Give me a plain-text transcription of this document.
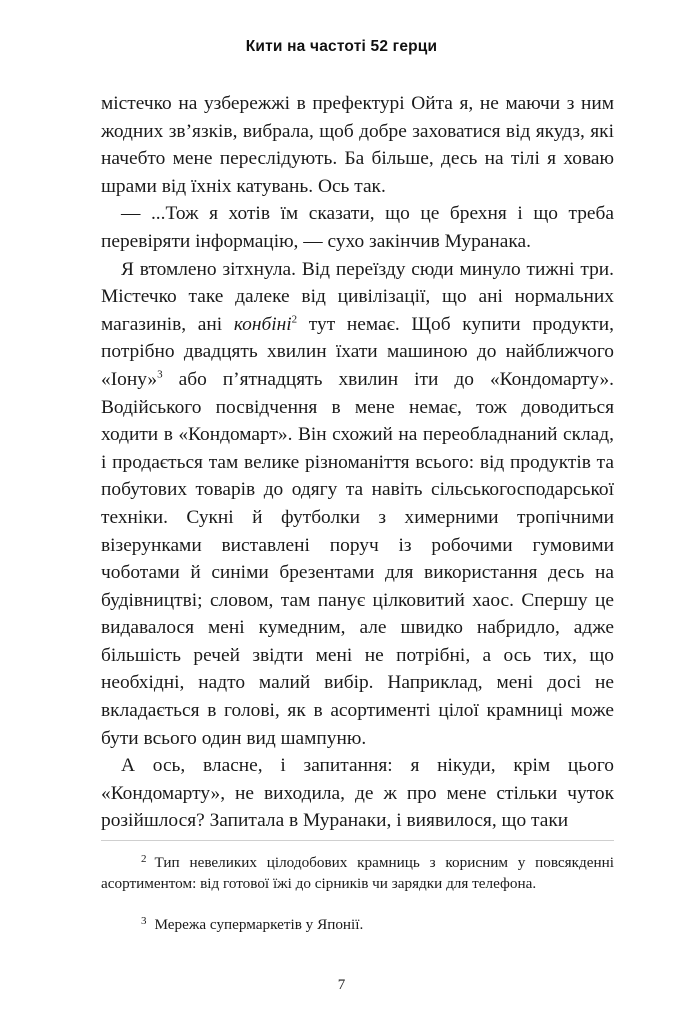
Кити на частоті 52 герци

містечко на узбережжі в префектурі Ойта я, не маючи з ним жодних зв’язків, вибрала, щоб добре заховатися від якудз, які начебто мене переслідують. Ба більше, десь на тілі я ховаю шрами від їхніх катувань. Ось так.

— ...Тож я хотів їм сказати, що це брехня і що треба перевіряти інформацію, — сухо закінчив Муранака.

Я втомлено зітхнула. Від переїзду сюди минуло тижні три. Містечко таке далеке від цивілізації, що ані нормальних магазинів, ані конбіні$^2$ тут немає. Щоб купити продукти, потрібно двадцять хвилин їхати машиною до найближчого «Іону»$^3$ або п’ятнадцять хвилин іти до «Кондомарту». Водійського посвідчення в мене немає, тож доводиться ходити в «Кондомарт». Він схожий на переобладнаний склад, і продається там велике різноманіття всього: від продуктів та побутових товарів до одягу та навіть сільськогосподарської техніки. Сукні й футболки з химерними тропічними візерунками виставлені поруч із робочими гумовими чоботами й синіми брезентами для використання десь на будівництві; словом, там панує цілковитий хаос. Спершу це видавалося мені кумедним, але швидко набридло, адже більшість речей звідти мені не потрібні, а ось тих, що необхідні, надто малий вибір. Наприклад, мені досі не вкладається в голові, як в асортименті цілої крамниці може бути всього один вид шампуню.

А ось, власне, і запитання: я нікуди, крім цього «Кондомарту», не виходила, де ж про мене стільки чуток розійшлося? Запитала в Муранаки, і виявилося, що таки

2 Тип невеликих цілодобових крамниць з корисним у повсякденні асортиментом: від готової їжі до сірників чи зарядки для телефона.

3 Мережа супермаркетів у Японії.

7
